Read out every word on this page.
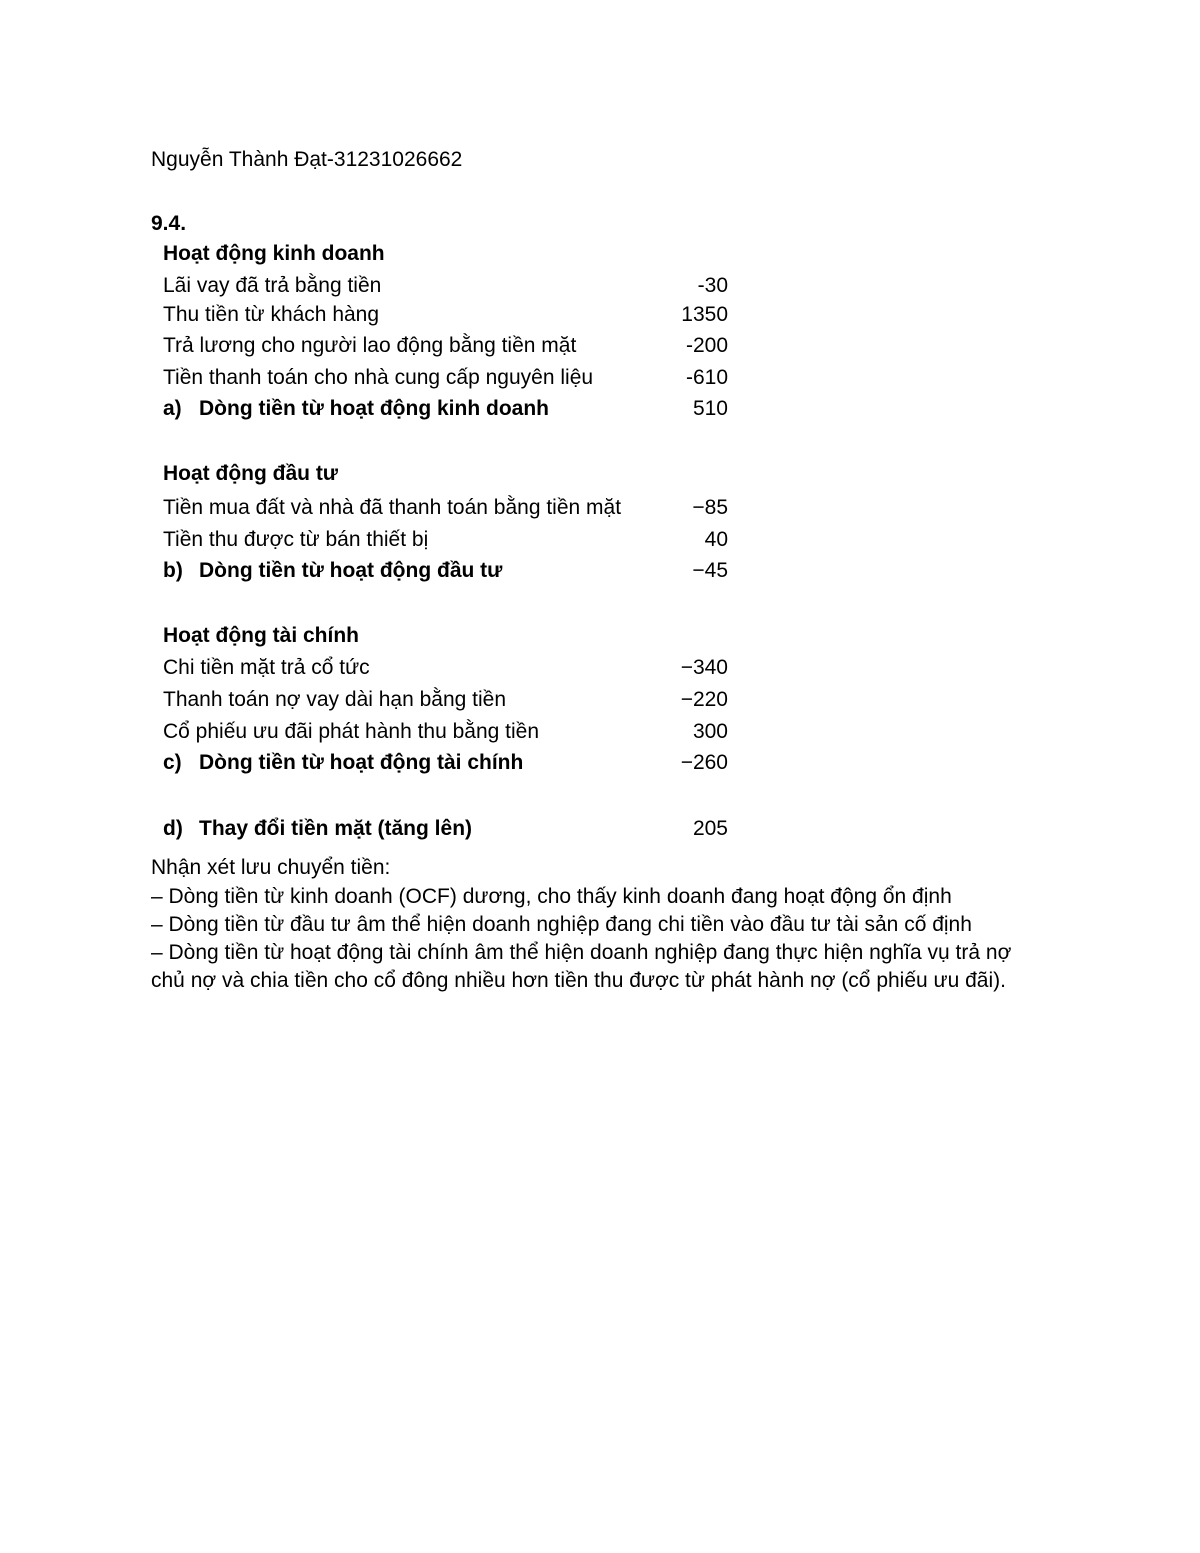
Nguyễn Thành Đạt-31231026662
9.4.
Hoạt động kinh doanh
Lãi vay đã trả bằng tiền	-30
Thu tiền từ khách hàng	1350
Trả lương cho người lao động bằng tiền mặt	-200
Tiền thanh toán cho nhà cung cấp nguyên liệu	-610
a) Dòng tiền từ hoạt động kinh doanh	510
Hoạt động đầu tư
Tiền mua đất và nhà đã thanh toán bằng tiền mặt	−85
Tiền thu được từ bán thiết bị	40
b) Dòng tiền từ hoạt động đầu tư	−45
Hoạt động tài chính
Chi tiền mặt trả cổ tức	−340
Thanh toán nợ vay dài hạn bằng tiền	−220
Cổ phiếu ưu đãi phát hành thu bằng tiền	300
c) Dòng tiền từ hoạt động tài chính	−260
d) Thay đổi tiền mặt (tăng lên)	205
Nhận xét lưu chuyển tiền:
– Dòng tiền từ kinh doanh (OCF) dương, cho thấy kinh doanh đang hoạt động ổn định
– Dòng tiền từ đầu tư âm thể hiện doanh nghiệp đang chi tiền vào đầu tư tài sản cố định
– Dòng tiền từ hoạt động tài chính âm thể hiện doanh nghiệp đang thực hiện nghĩa vụ trả nợ chủ nợ và chia tiền cho cổ đông nhiều hơn tiền thu được từ phát hành nợ (cổ phiếu ưu đãi).
